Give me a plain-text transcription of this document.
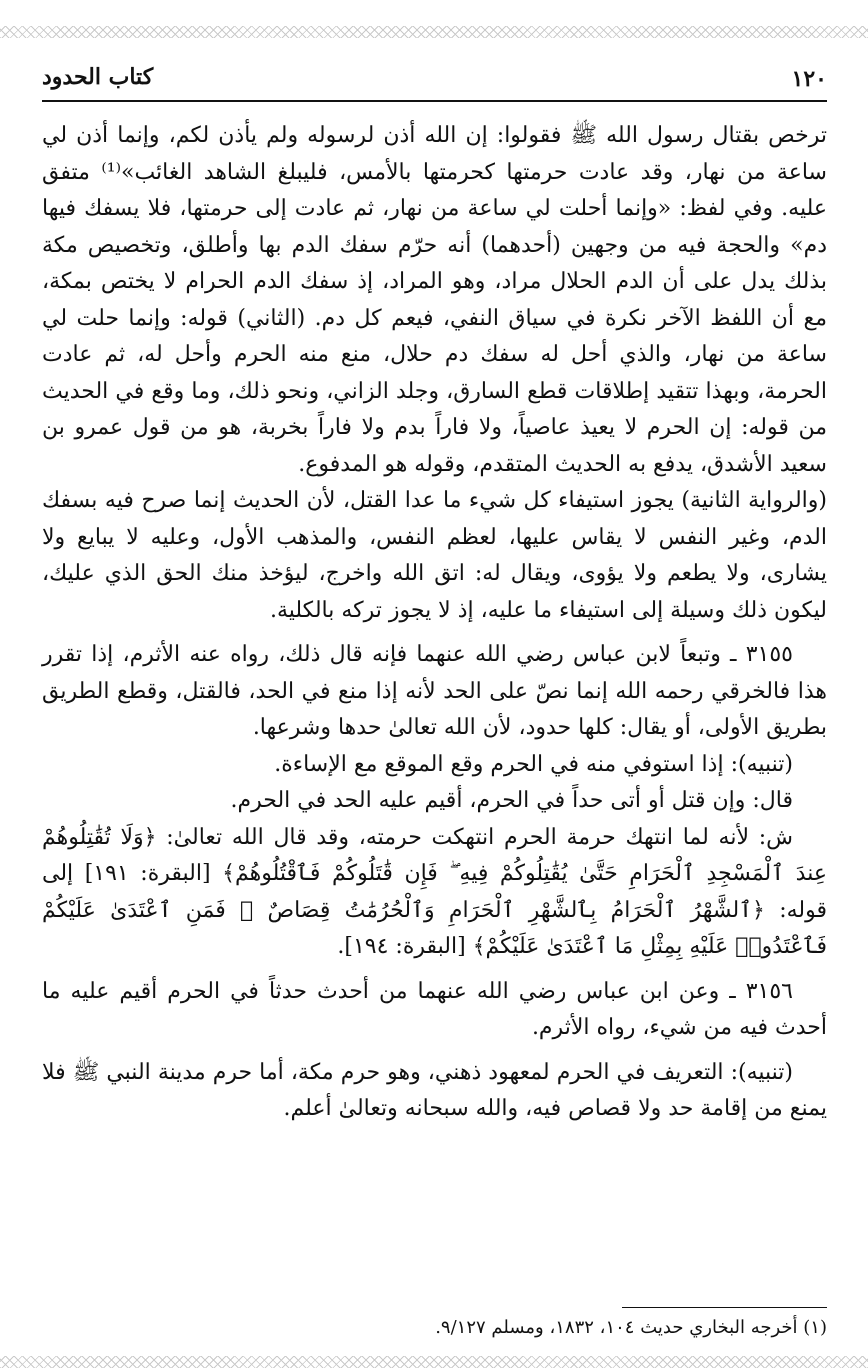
١٢٠
كتاب الحدود

ترخص بقتال رسول الله ﷺ فقولوا: إن الله أذن لرسوله ولم يأذن لكم، وإنما أذن لي ساعة من نهار، وقد عادت حرمتها كحرمتها بالأمس، فليبلغ الشاهد الغائب»⁽¹⁾ متفق عليه. وفي لفظ: «وإنما أحلت لي ساعة من نهار، ثم عادت إلى حرمتها، فلا يسفك فيها دم» والحجة فيه من وجهين (أحدهما) أنه حرّم سفك الدم بها وأطلق، وتخصيص مكة بذلك يدل على أن الدم الحلال مراد، وهو المراد، إذ سفك الدم الحرام لا يختص بمكة، مع أن اللفظ الآخر نكرة في سياق النفي، فيعم كل دم. (الثاني) قوله: وإنما حلت لي ساعة من نهار، والذي أحل له سفك دم حلال، منع منه الحرم وأحل له، ثم عادت الحرمة، وبهذا تتقيد إطلاقات قطع السارق، وجلد الزاني، ونحو ذلك، وما وقع في الحديث من قوله: إن الحرم لا يعيذ عاصياً، ولا فاراً بدم ولا فاراً بخربة، هو من قول عمرو بن سعيد الأشدق، يدفع به الحديث المتقدم، وقوله هو المدفوع.

(والرواية الثانية) يجوز استيفاء كل شيء ما عدا القتل، لأن الحديث إنما صرح فيه بسفك الدم، وغير النفس لا يقاس عليها، لعظم النفس، والمذهب الأول، وعليه لا يبايع ولا يشارى، ولا يطعم ولا يؤوى، ويقال له: اتق الله واخرج، ليؤخذ منك الحق الذي عليك، ليكون ذلك وسيلة إلى استيفاء ما عليه، إذ لا يجوز تركه بالكلية.

٣١٥٥ ـ وتبعاً لابن عباس رضي الله عنهما فإنه قال ذلك، رواه عنه الأثرم، إذا تقرر هذا فالخرقي رحمه الله إنما نصّ على الحد لأنه إذا منع في الحد، فالقتل، وقطع الطريق بطريق الأولى، أو يقال: كلها حدود، لأن الله تعالىٰ حدها وشرعها.

(تنبيه): إذا استوفي منه في الحرم وقع الموقع مع الإساءة.

قال: وإن قتل أو أتى حداً في الحرم، أقيم عليه الحد في الحرم.

ش: لأنه لما انتهك حرمة الحرم انتهكت حرمته، وقد قال الله تعالىٰ: ﴿وَلَا تُقَٰتِلُوهُمْ عِندَ ٱلْمَسْجِدِ ٱلْحَرَامِ حَتَّىٰ يُقَٰتِلُوكُمْ فِيهِ ۖ فَإِن قَٰتَلُوكُمْ فَٱقْتُلُوهُمْ﴾ [البقرة: ١٩١] إلى قوله: ﴿ٱلشَّهْرُ ٱلْحَرَامُ بِٱلشَّهْرِ ٱلْحَرَامِ وَٱلْحُرُمَٰتُ قِصَاصٌ ۚ فَمَنِ ٱعْتَدَىٰ عَلَيْكُمْ فَٱعْتَدُوا۟ عَلَيْهِ بِمِثْلِ مَا ٱعْتَدَىٰ عَلَيْكُمْ﴾ [البقرة: ١٩٤].

٣١٥٦ ـ وعن ابن عباس رضي الله عنهما من أحدث حدثاً في الحرم أقيم عليه ما أحدث فيه من شيء، رواه الأثرم.

(تنبيه): التعريف في الحرم لمعهود ذهني، وهو حرم مكة، أما حرم مدينة النبي ﷺ فلا يمنع من إقامة حد ولا قصاص فيه، والله سبحانه وتعالىٰ أعلم.

(١) أخرجه البخاري حديث ١٠٤، ١٨٣٢، ومسلم ٩/١٢٧.
